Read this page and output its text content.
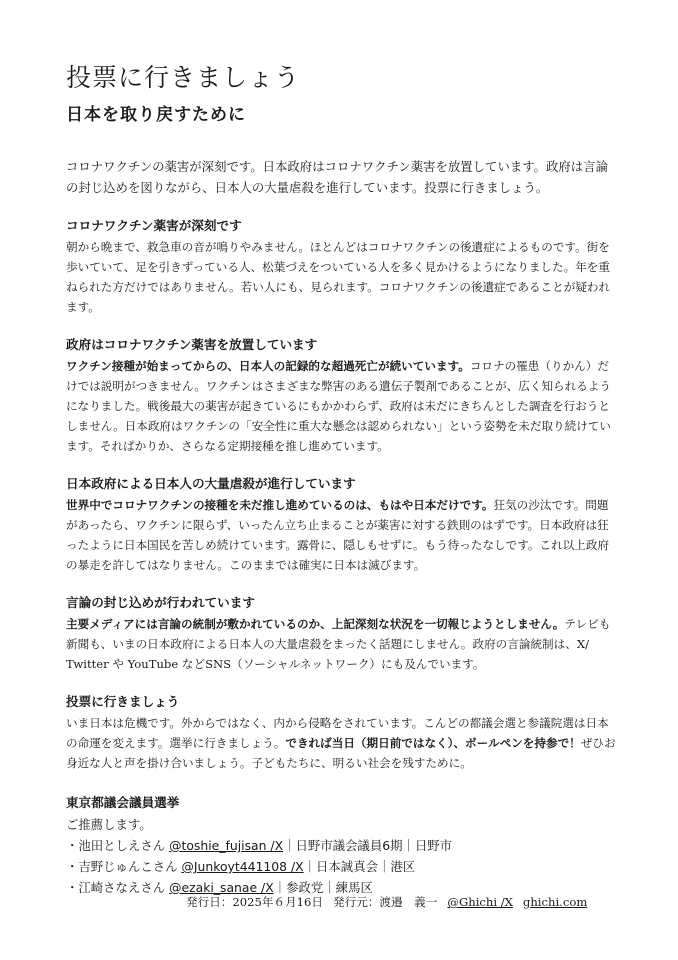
投票に行きましょう
日本を取り戻すために

コロナワクチンの薬害が深刻です。日本政府はコロナワクチン薬害を放置しています。政府は言論の封じ込めを図りながら、日本人の大量虐殺を進行しています。投票に行きましょう。

コロナワクチン薬害が深刻です

朝から晩まで、救急車の音が鳴りやみません。ほとんどはコロナワクチンの後遺症によるものです。街を歩いていて、足を引きずっている人、松葉づえをついている人を多く見かけるようになりました。年を重ねられた方だけではありません。若い人にも、見られます。コロナワクチンの後遺症であることが疑われます。

政府はコロナワクチン薬害を放置しています

ワクチン接種が始まってからの、日本人の記録的な超過死亡が続いています。コロナの罹患（りかん）だけでは説明がつきません。ワクチンはさまざまな弊害のある遺伝子製剤であることが、広く知られるようになりました。戦後最大の薬害が起きているにもかかわらず、政府は未だにきちんとした調査を行おうとしません。日本政府はワクチンの「安全性に重大な懸念は認められない」という姿勢を未だ取り続けています。それぱかりか、さらなる定期接種を推し進めています。

日本政府による日本人の大量虐殺が進行しています

世界中でコロナワクチンの接種を未だ推し進めているのは、もはや日本だけです。狂気の沙汰です。問題があったら、ワクチンに限らず、いったん立ち止まることが薬害に対する鉄則のはずです。日本政府は狂ったように日本国民を苦しめ続けています。露骨に、隠しもせずに。もう待ったなしです。これ以上政府の暴走を許してはなりません。このままでは確実に日本は滅びます。

言論の封じ込めが行われています

主要メディアには言論の統制が敷かれているのか、上記深刻な状況を一切報じようとしません。テレビも新聞も、いまの日本政府による日本人の大量虐殺をまったく話題にしません。政府の言論統制は、X/ Twitter や YouTube などSNS（ソーシャルネットワーク）にも及んでいます。

投票に行きましょう

いま日本は危機です。外からではなく、内から侵略をされています。こんどの都議会選と参議院選は日本の命運を変えます。選挙に行きましょう。できれば当日（期日前ではなく）、ボールペンを持参で！ぜひお身近な人と声を掛け合いましょう。子どもたちに、明るい社会を残すために。

東京都議会議員選挙

ご推薦します。

・池田としえさん @toshie_fujisan /X｜日野市議会議員6期｜日野市
・吉野じゅんこさん @Junkoyt441108 /X｜日本誠真会｜港区
・江崎さなえさん @ezaki_sanae /X｜参政党｜練馬区
発行日：2025年６月16日 発行元：渡邉　義一 @Ghichi /X ghichi.com
